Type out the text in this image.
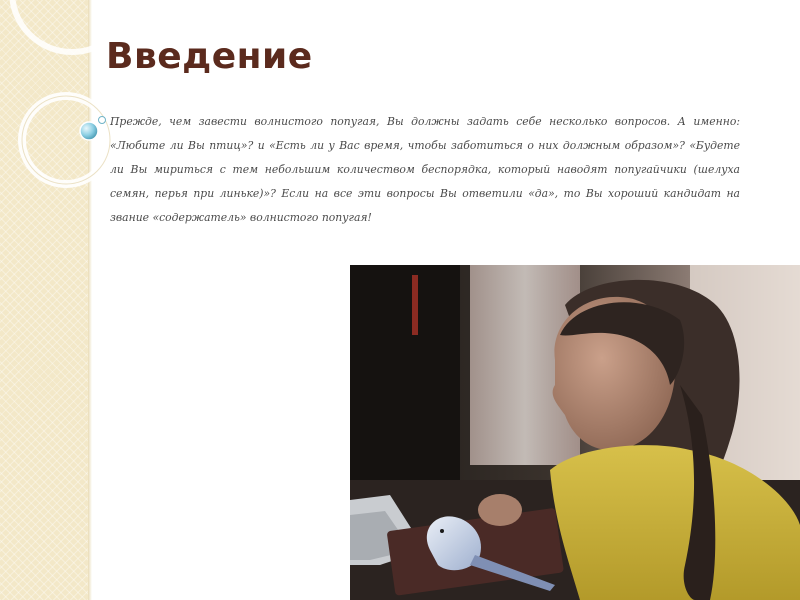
Введение

Прежде, чем завести волнистого попугая, Вы должны задать себе несколько вопросов. А именно: «Любите ли Вы птиц»? и «Есть ли у Вас время, чтобы заботиться о них должным образом»? «Будете ли Вы мириться с тем небольшим количеством беспорядка, который наводят попугайчики (шелуха семян, перья при линьке)»? Если на все эти вопросы Вы ответили «да», то Вы хороший кандидат на звание «содержатель» волнистого попугая!
